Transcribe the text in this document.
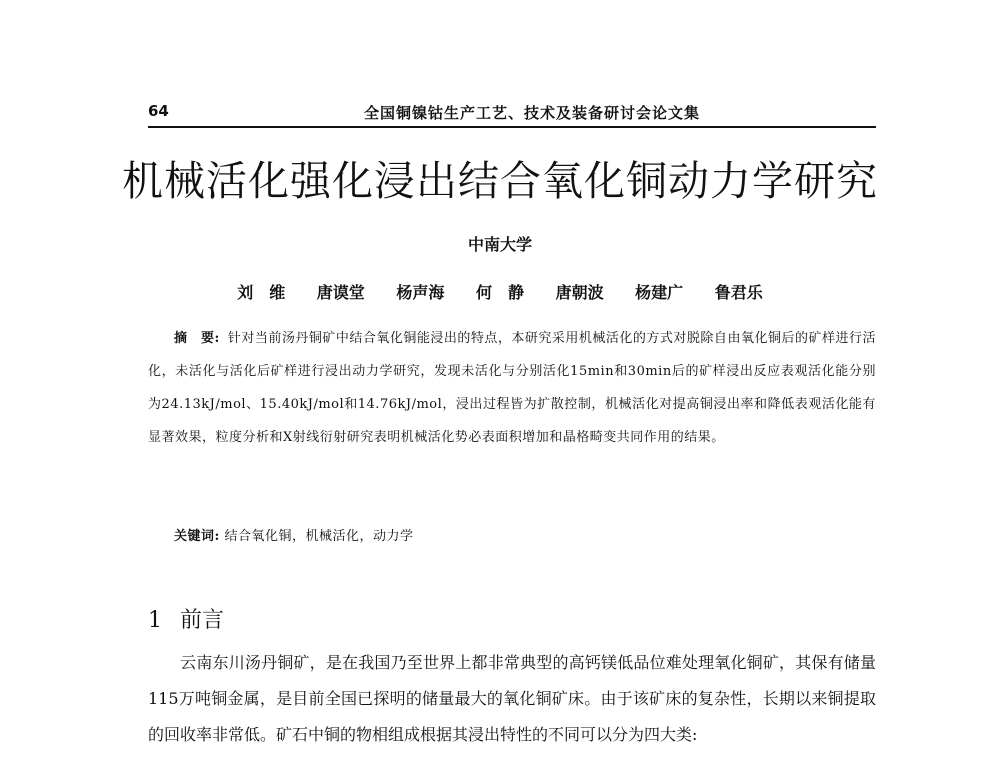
64	全国铜镍钴生产工艺、技术及装备研讨会论文集
机械活化强化浸出结合氧化铜动力学研究
中南大学
刘　维 唐谟堂 杨声海 何　静 唐朝波 杨建广 鲁君乐
摘　要: 针对当前汤丹铜矿中结合氧化铜能浸出的特点，本研究采用机械活化的方式对脱除自由氧化铜后的矿样进行活化，未活化与活化后矿样进行浸出动力学研究，发现未活化与分别活化15min和30min后的矿样浸出反应表观活化能分别为24.13kJ/mol、15.40kJ/mol和14.76kJ/mol，浸出过程皆为扩散控制，机械活化对提高铜浸出率和降低表观活化能有显著效果，粒度分析和X射线衍射研究表明机械活化势必表面积增加和晶格畸变共同作用的结果。
关键词: 结合氧化铜，机械活化，动力学
1 前言
云南东川汤丹铜矿，是在我国乃至世界上都非常典型的高钙镁低品位难处理氧化铜矿，其保有储量115万吨铜金属，是目前全国已探明的储量最大的氧化铜矿床。由于该矿床的复杂性，长期以来铜提取的回收率非常低。矿石中铜的物相组成根据其浸出特性的不同可以分为四大类:
